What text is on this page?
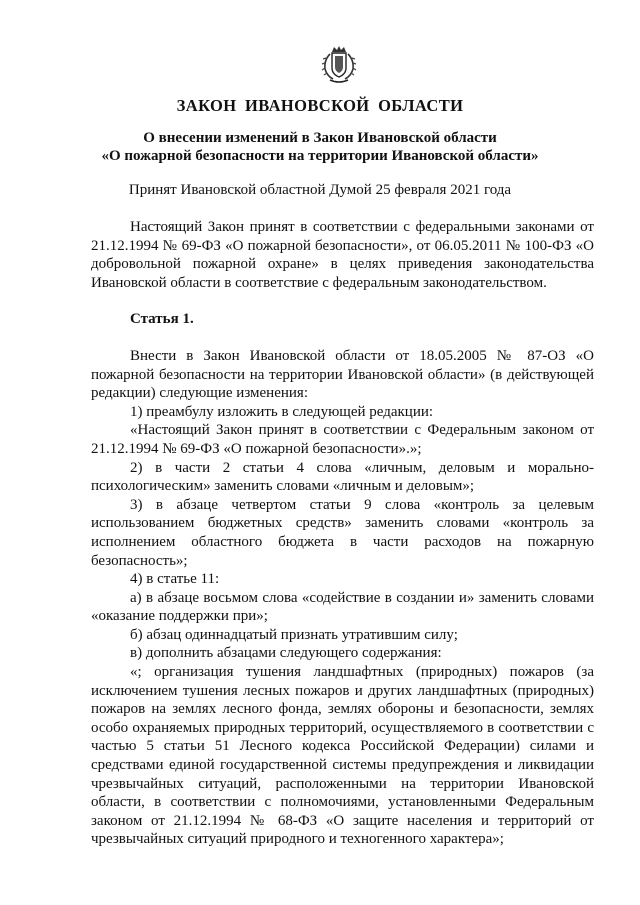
ЗАКОН ИВАНОВСКОЙ ОБЛАСТИ
О внесении изменений в Закон Ивановской области
«О пожарной безопасности на территории Ивановской области»
Принят Ивановской областной Думой 25 февраля 2021 года

Настоящий Закон принят в соответствии с федеральными законами от 21.12.1994 № 69-ФЗ «О пожарной безопасности», от 06.05.2011 № 100-ФЗ «О добровольной пожарной охране» в целях приведения законодательства Ивановской области в соответствие с федеральным законодательством.

Статья 1.

Внести в Закон Ивановской области от 18.05.2005 № 87-ОЗ «О пожарной безопасности на территории Ивановской области» (в действующей редакции) следующие изменения:

1) преамбулу изложить в следующей редакции:

«Настоящий Закон принят в соответствии с Федеральным законом от 21.12.1994 № 69-ФЗ «О пожарной безопасности».»;

2) в части 2 статьи 4 слова «личным, деловым и морально-психологическим» заменить словами «личным и деловым»;

3) в абзаце четвертом статьи 9 слова «контроль за целевым использованием бюджетных средств» заменить словами «контроль за исполнением областного бюджета в части расходов на пожарную безопасность»;

4) в статье 11:

а) в абзаце восьмом слова «содействие в создании и» заменить словами «оказание поддержки при»;

б) абзац одиннадцатый признать утратившим силу;

в) дополнить абзацами следующего содержания:

«; организация тушения ландшафтных (природных) пожаров (за исключением тушения лесных пожаров и других ландшафтных (природных) пожаров на землях лесного фонда, землях обороны и безопасности, землях особо охраняемых природных территорий, осуществляемого в соответствии с частью 5 статьи 51 Лесного кодекса Российской Федерации) силами и средствами единой государственной системы предупреждения и ликвидации чрезвычайных ситуаций, расположенными на территории Ивановской области, в соответствии с полномочиями, установленными Федеральным законом от 21.12.1994 № 68-ФЗ «О защите населения и территорий от чрезвычайных ситуаций природного и техногенного характера»;
